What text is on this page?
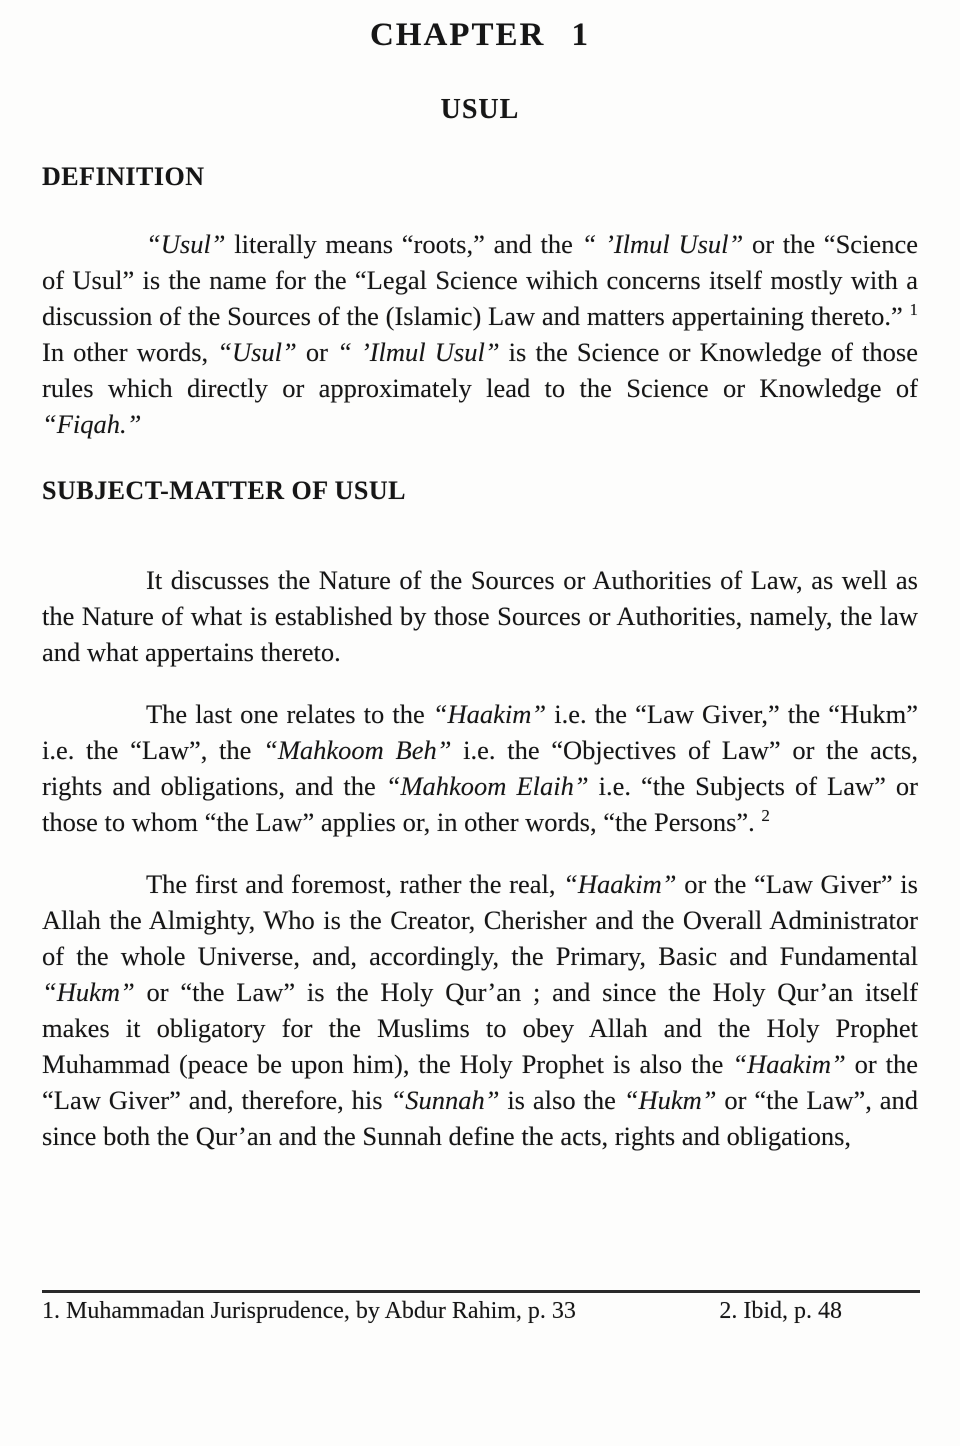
CHAPTER 1
USUL
DEFINITION

“Usul” literally means “roots,” and the “ ’Ilmul Usul” or the “Science of Usul” is the name for the “Legal Science wihich concerns itself mostly with a discussion of the Sources of the (Islamic) Law and matters appertaining thereto.” $^1$ In other words, “Usul” or “ ’Ilmul Usul” is the Science or Knowledge of those rules which directly or approximately lead to the Science or Knowledge of “Fiqah.”

SUBJECT-MATTER OF USUL

It discusses the Nature of the Sources or Authorities of Law, as well as the Nature of what is established by those Sources or Authorities, namely, the law and what appertains thereto.

The last one relates to the “Haakim” i.e. the “Law Giver,” the “Hukm” i.e. the “Law”, the “Mahkoom Beh” i.e. the “Objectives of Law” or the acts, rights and obligations, and the “Mahkoom Elaih” i.e. “the Subjects of Law” or those to whom “the Law” applies or, in other words, “the Persons”. $^2$

The first and foremost, rather the real, “Haakim” or the “Law Giver” is Allah the Almighty, Who is the Creator, Cherisher and the Overall Administrator of the whole Universe, and, accordingly, the Primary, Basic and Fundamental “Hukm” or “the Law” is the Holy Qur’an ; and since the Holy Qur’an itself makes it obligatory for the Muslims to obey Allah and the Holy Prophet Muhammad (peace be upon him), the Holy Prophet is also the “Haakim” or the “Law Giver” and, therefore, his “Sunnah” is also the “Hukm” or “the Law”, and since both the Qur’an and the Sunnah define the acts, rights and obligations,

1. Muhammadan Jurisprudence, by Abdur Rahim, p. 33	2. Ibid, p. 48
